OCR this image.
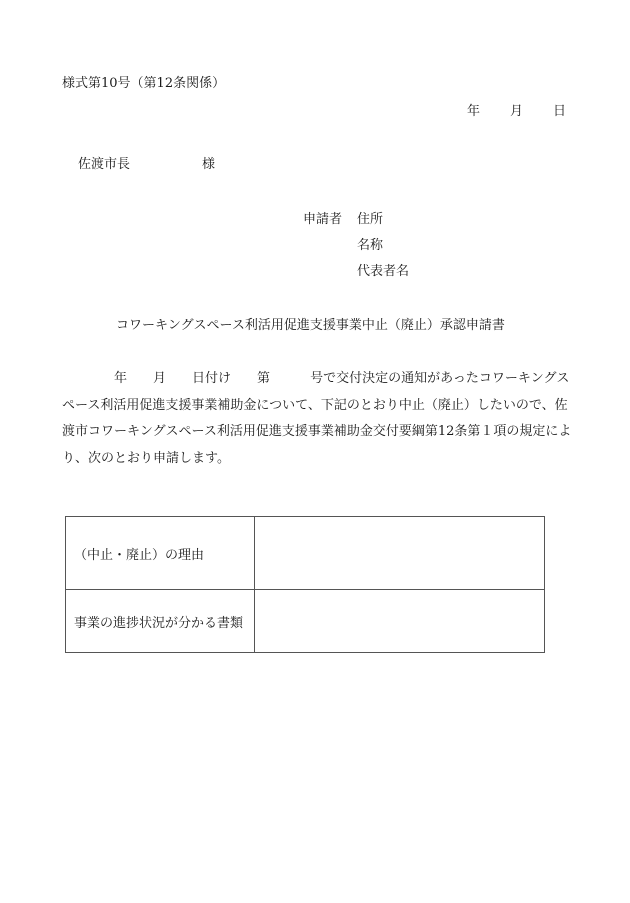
様式第10号（第12条関係）
年 月 日
佐渡市長	様
申請者 住所
名称
代表者名
コワーキングスペース利活用促進支援事業中止（廃止）承認申請書
年 月 日付け 第	号で交付決定の通知があったコワーキングスペース利活用促進支援事業補助金について、下記のとおり中止（廃止）したいので、佐渡市コワーキングスペース利活用促進支援事業補助金交付要綱第12条第１項の規定により、次のとおり申請します。
（中止・廃止）の理由	
事業の進捗状況が分かる書類	
